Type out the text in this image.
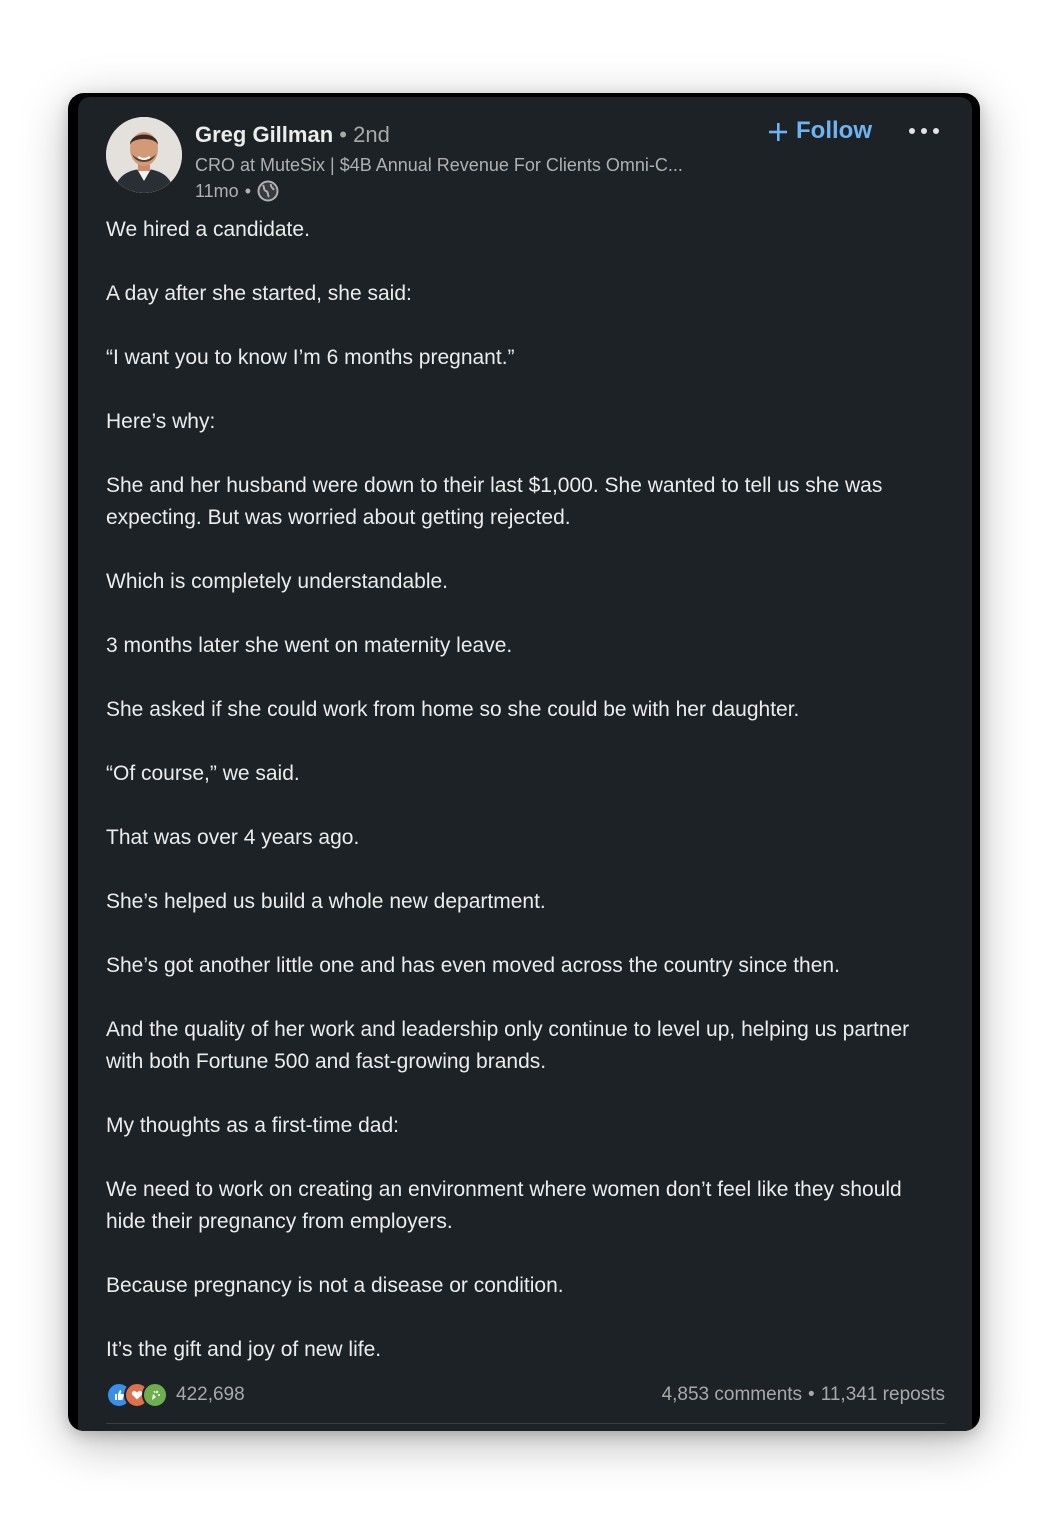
Greg Gillman • 2nd
CRO at MuteSix | $4B Annual Revenue For Clients Omni-C...
11mo •
Follow

We hired a candidate.

A day after she started, she said:

“I want you to know I’m 6 months pregnant.”

Here’s why:

She and her husband were down to their last $1,000. She wanted to tell us she was expecting. But was worried about getting rejected.

Which is completely understandable.

3 months later she went on maternity leave.

She asked if she could work from home so she could be with her daughter.

“Of course,” we said.

That was over 4 years ago.

She’s helped us build a whole new department.

She’s got another little one and has even moved across the country since then.

And the quality of her work and leadership only continue to level up, helping us partner with both Fortune 500 and fast-growing brands.

My thoughts as a first-time dad:

We need to work on creating an environment where women don’t feel like they should hide their pregnancy from employers.

Because pregnancy is not a disease or condition.

It’s the gift and joy of new life.

422,698	4,853 comments • 11,341 reposts
